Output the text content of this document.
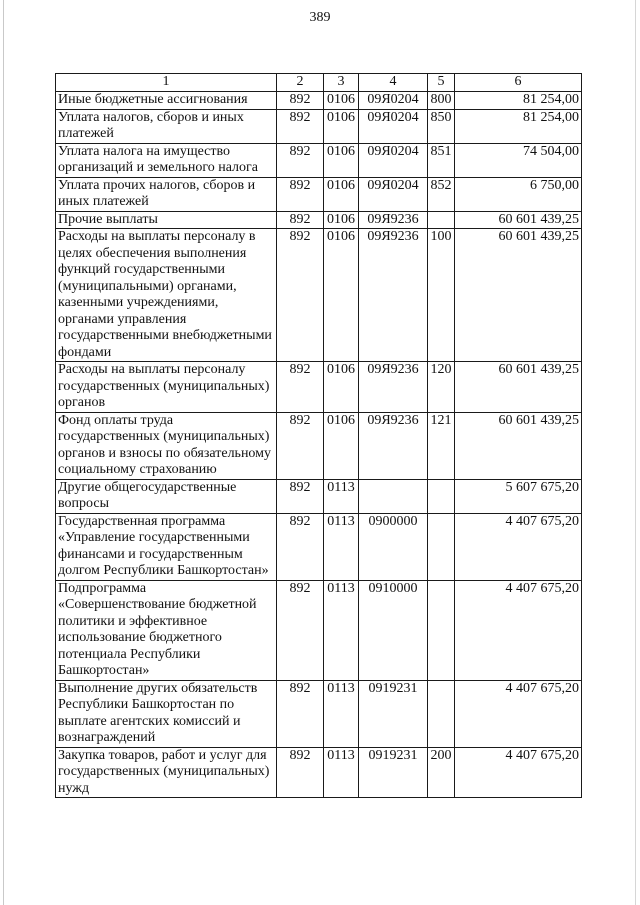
389
1	2	3	4	5	6
Иные бюджетные ассигнования	892	0106	09Я0204	800	81 254,00
Уплата налогов, сборов и иных платежей	892	0106	09Я0204	850	81 254,00
Уплата налога на имущество организаций и земельного налога	892	0106	09Я0204	851	74 504,00
Уплата прочих налогов, сборов и иных платежей	892	0106	09Я0204	852	6 750,00
Прочие выплаты	892	0106	09Я9236		60 601 439,25
Расходы на выплаты персоналу в целях обеспечения выполнения функций государственными (муниципальными) органами, казенными учреждениями, органами управления государственными внебюджетными фондами	892	0106	09Я9236	100	60 601 439,25
Расходы на выплаты персоналу государственных (муниципальных) органов	892	0106	09Я9236	120	60 601 439,25
Фонд оплаты труда государственных (муниципальных) органов и взносы по обязательному социальному страхованию	892	0106	09Я9236	121	60 601 439,25
Другие общегосударственные вопросы	892	0113			5 607 675,20
Государственная программа «Управление государственными финансами и государственным долгом Республики Башкортостан»	892	0113	0900000		4 407 675,20
Подпрограмма «Совершенствование бюджетной политики и эффективное использование бюджетного потенциала Республики Башкортостан»	892	0113	0910000		4 407 675,20
Выполнение других обязательств Республики Башкортостан по выплате агентских комиссий и вознаграждений	892	0113	0919231		4 407 675,20
Закупка товаров, работ и услуг для государственных (муниципальных) нужд	892	0113	0919231	200	4 407 675,20
